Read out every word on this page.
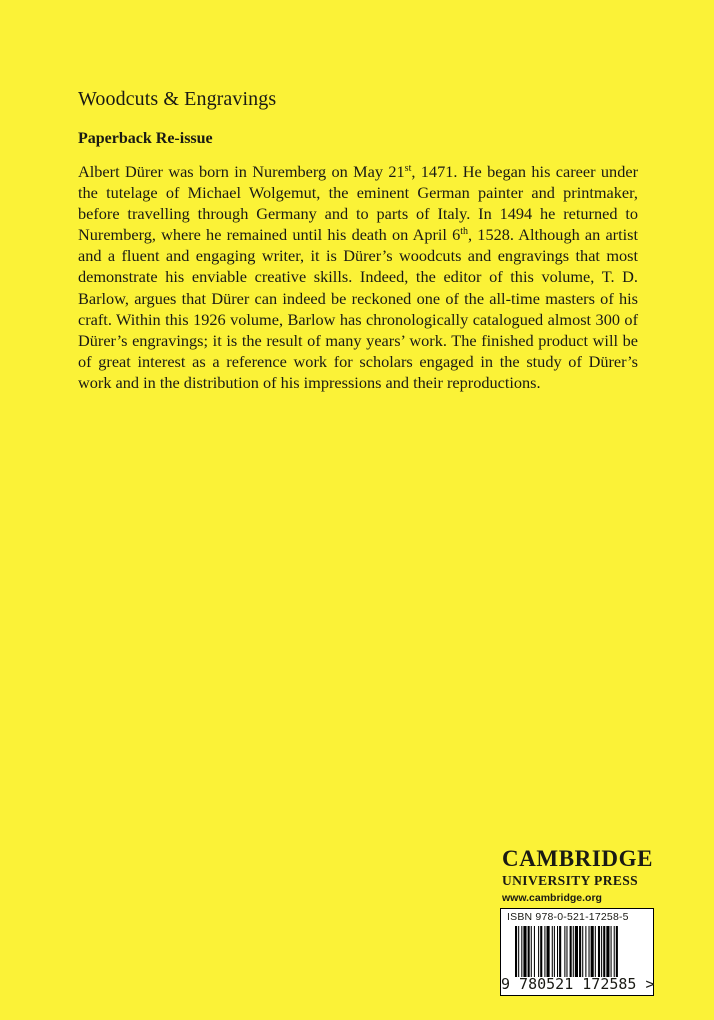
Woodcuts & Engravings
Paperback Re-issue

Albert Dürer was born in Nuremberg on May 21st, 1471. He began his career under the tutelage of Michael Wolgemut, the eminent German painter and printmaker, before travelling through Germany and to parts of Italy. In 1494 he returned to Nuremberg, where he remained until his death on April 6th, 1528. Although an artist and a fluent and engaging writer, it is Dürer’s woodcuts and engravings that most demonstrate his enviable creative skills. Indeed, the editor of this volume, T. D. Barlow, argues that Dürer can indeed be reckoned one of the all-time masters of his craft. Within this 1926 volume, Barlow has chronologically catalogued almost 300 of Dürer’s engravings; it is the result of many years’ work. The finished product will be of great interest as a reference work for scholars engaged in the study of Dürer’s work and in the distribution of his impressions and their reproductions.

CAMBRIDGE
UNIVERSITY PRESS
www.cambridge.org
ISBN 978-0-521-17258-5
9 780521 172585 >
